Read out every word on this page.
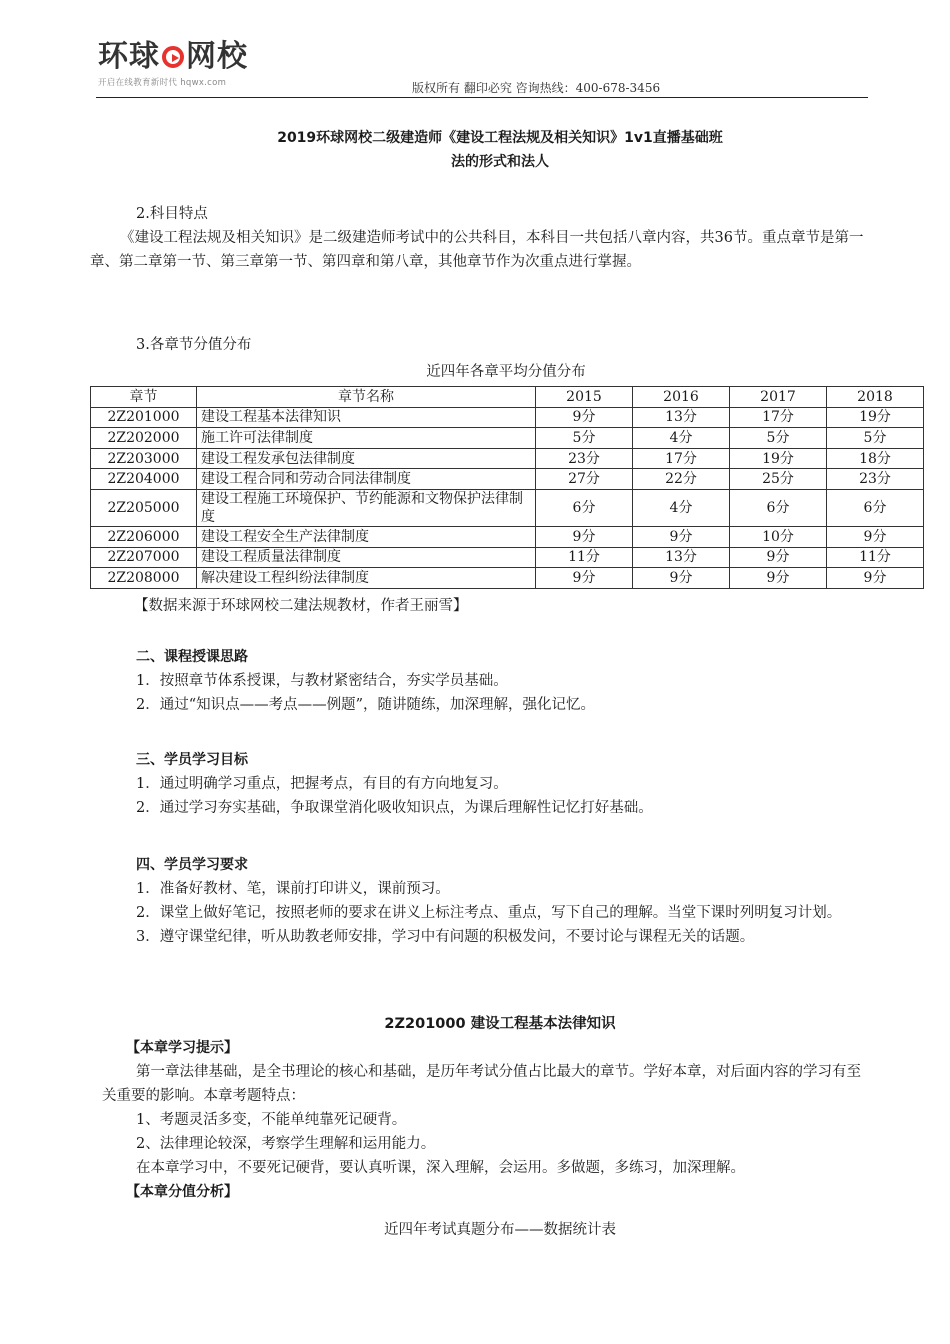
环球 网校
开启在线教育新时代 hqwx.com	版权所有 翻印必究 咨询热线：400-678-3456
2019环球网校二级建造师《建设工程法规及相关知识》1v1直播基础班
法的形式和法人

2.科目特点

《建设工程法规及相关知识》是二级建造师考试中的公共科目，本科目一共包括八章内容，共36节。重点章节是第一章、第二章第一节、第三章第一节、第四章和第八章，其他章节作为次重点进行掌握。

3.各章节分值分布

近四年各章平均分值分布
章节	章节名称	2015	2016	2017	2018
2Z201000	建设工程基本法律知识	9分	13分	17分	19分
2Z202000	施工许可法律制度	5分	4分	5分	5分
2Z203000	建设工程发承包法律制度	23分	17分	19分	18分
2Z204000	建设工程合同和劳动合同法律制度	27分	22分	25分	23分
2Z205000	建设工程施工环境保护、节约能源和文物保护法律制度	6分	4分	6分	6分
2Z206000	建设工程安全生产法律制度	9分	9分	10分	9分
2Z207000	建设工程质量法律制度	11分	13分	9分	11分
2Z208000	解决建设工程纠纷法律制度	9分	9分	9分	9分
【数据来源于环球网校二建法规教材，作者王丽雪】

二、课程授课思路

1．按照章节体系授课，与教材紧密结合，夯实学员基础。

2．通过“知识点——考点——例题”，随讲随练，加深理解，强化记忆。

三、学员学习目标

1．通过明确学习重点，把握考点，有目的有方向地复习。

2．通过学习夯实基础，争取课堂消化吸收知识点，为课后理解性记忆打好基础。

四、学员学习要求

1．准备好教材、笔，课前打印讲义，课前预习。

2．课堂上做好笔记，按照老师的要求在讲义上标注考点、重点，写下自己的理解。当堂下课时列明复习计划。

3．遵守课堂纪律，听从助教老师安排，学习中有问题的积极发问，不要讨论与课程无关的话题。

2Z201000 建设工程基本法律知识

【本章学习提示】

第一章法律基础，是全书理论的核心和基础，是历年考试分值占比最大的章节。学好本章，对后面内容的学习有至关重要的影响。本章考题特点：

1、考题灵活多变，不能单纯靠死记硬背。

2、法律理论较深，考察学生理解和运用能力。

在本章学习中，不要死记硬背，要认真听课，深入理解，会运用。多做题，多练习，加深理解。

【本章分值分析】

近四年考试真题分布——数据统计表
